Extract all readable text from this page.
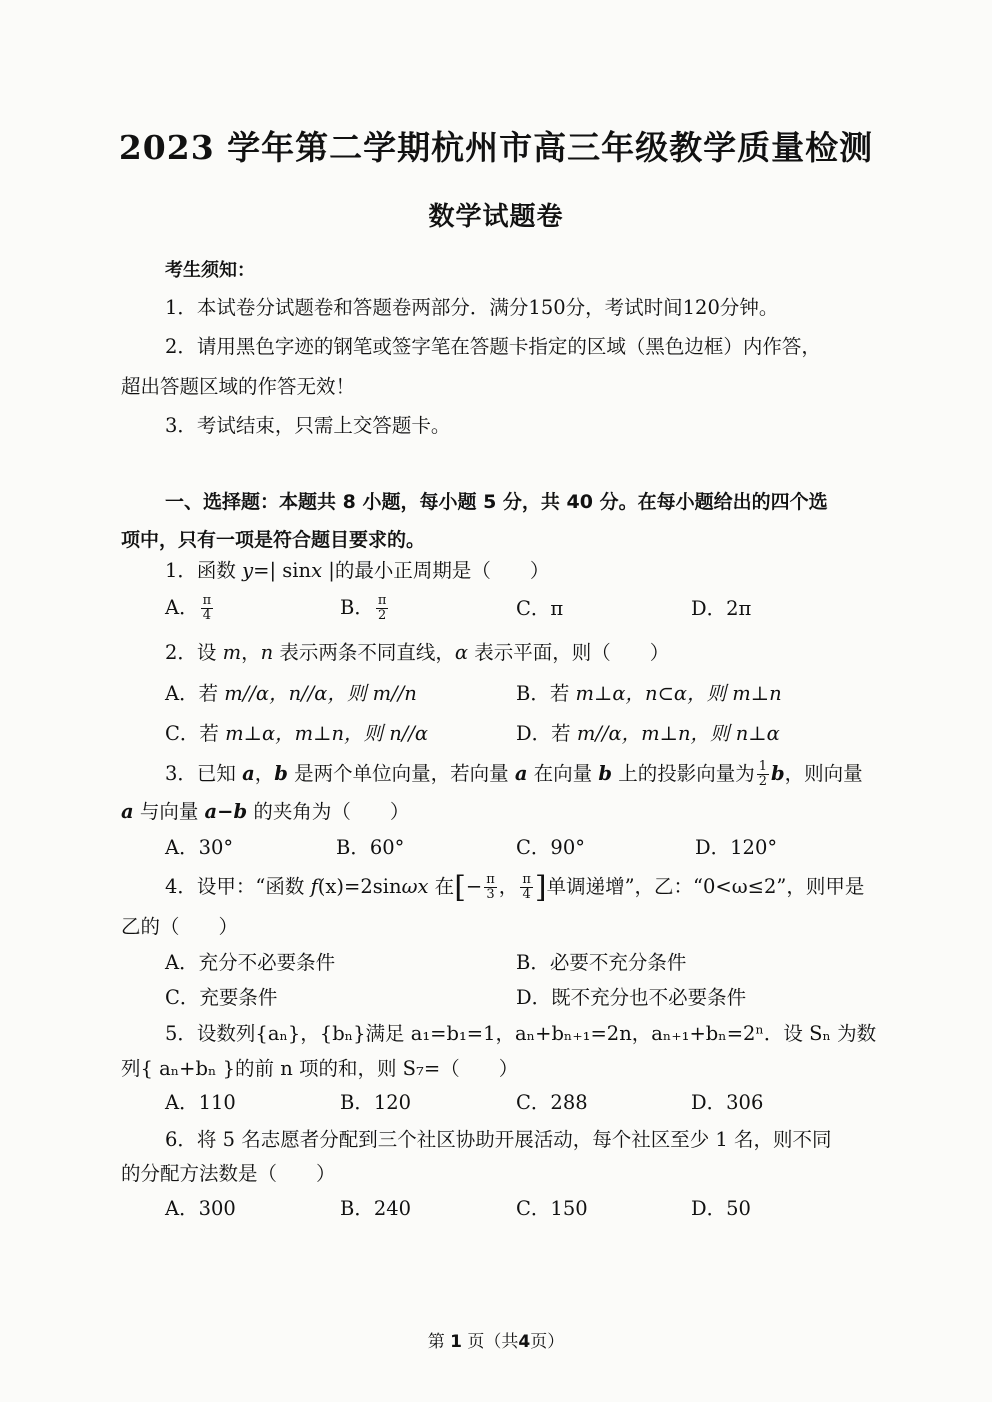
2023 学年第二学期杭州市高三年级教学质量检测
数学试题卷
考生须知：
1．本试卷分试题卷和答题卷两部分．满分150分，考试时间120分钟。
2．请用黑色字迹的钢笔或签字笔在答题卡指定的区域（黑色边框）内作答，
超出答题区域的作答无效！
3．考试结束，只需上交答题卡。
一、选择题：本题共 8 小题，每小题 5 分，共 40 分。在每小题给出的四个选
项中，只有一项是符合题目要求的。
1．函数 y=| sinx |的最小正周期是（　　）
A． $\frac{\pi}{4}$	B． $\frac{\pi}{2}$	C．π	D．2π
2．设 m，n 表示两条不同直线，α 表示平面，则（　　）
A．若 m//α，n//α，则 m//n	B．若 m⊥α，n⊂α，则 m⊥n
C．若 m⊥α，m⊥n，则 n//α	D．若 m//α，m⊥n，则 n⊥α
3．已知 a，b 是两个单位向量，若向量 a 在向量 b 上的投影向量为 $\frac{1}{2}$ b，则向量
a 与向量 a−b 的夹角为（　　）
A．30°	B．60°	C．90°	D．120°
4．设甲：“函数 f(x)=2sinωx 在[− $\frac{\pi}{3}$ ， $\frac{\pi}{4}$ ]单调递增”，乙：“0<ω≤2”，则甲是
乙的（　　）
A．充分不必要条件	B．必要不充分条件
C．充要条件	D．既不充分也不必要条件
5．设数列{aₙ}，{bₙ}满足 a₁=b₁=1，aₙ+bₙ₊₁=2n，aₙ₊₁+bₙ=2ⁿ．设 Sₙ 为数
列{ aₙ+bₙ }的前 n 项的和，则 S₇=（　　）
A．110	B．120	C．288	D．306
6．将 5 名志愿者分配到三个社区协助开展活动，每个社区至少 1 名，则不同
的分配方法数是（　　）
A．300	B．240	C．150	D．50
第 1 页（共4页）
